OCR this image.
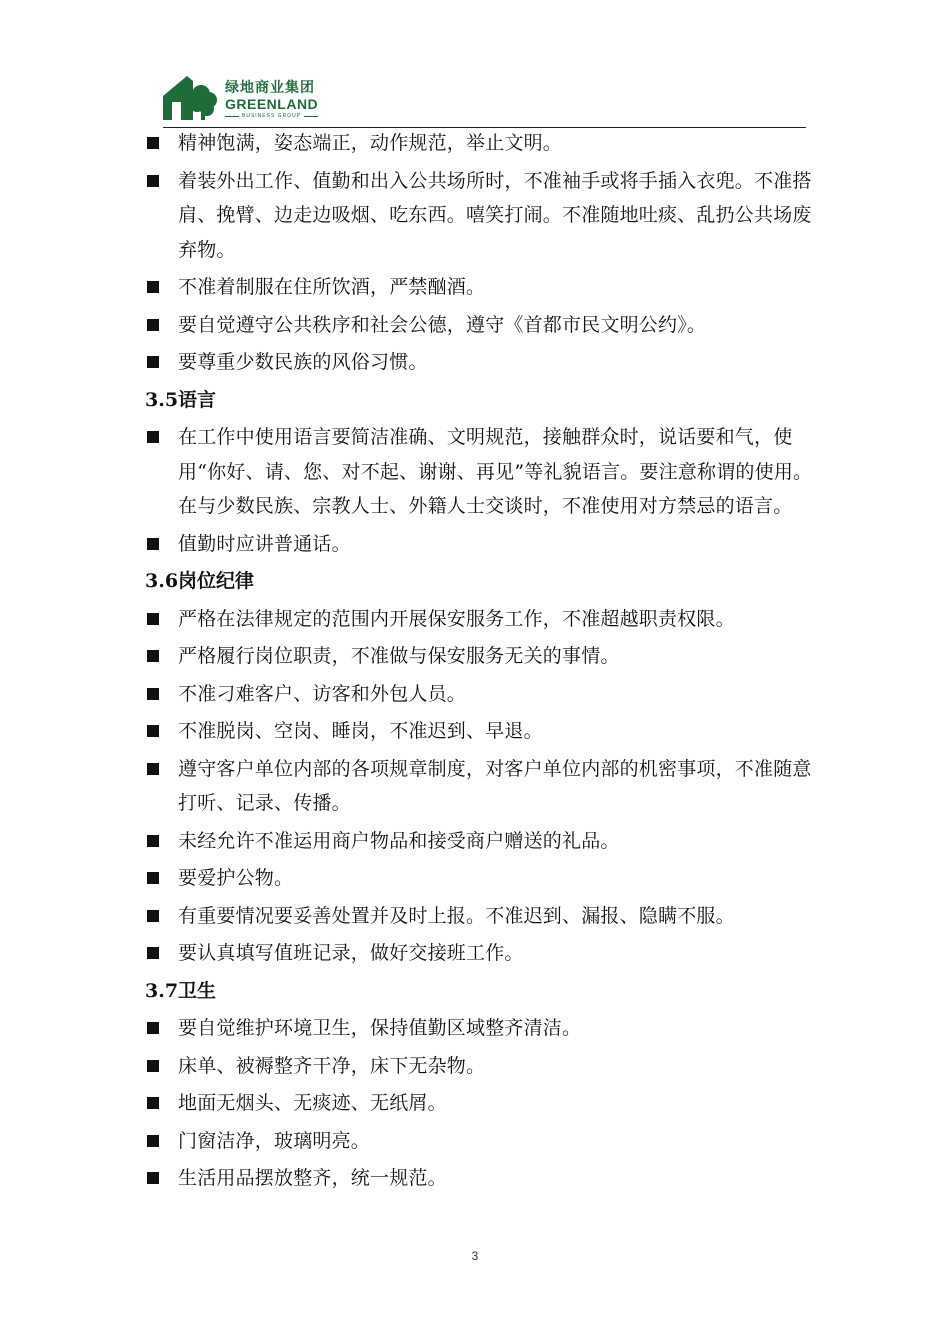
绿地商业集团
GREENLAND
BUSINESS GROUP
精神饱满，姿态端正，动作规范，举止文明。
着装外出工作、值勤和出入公共场所时，不准袖手或将手插入衣兜。不准搭肩、挽臂、边走边吸烟、吃东西。嘻笑打闹。不准随地吐痰、乱扔公共场废弃物。
不准着制服在住所饮酒，严禁酗酒。
要自觉遵守公共秩序和社会公德，遵守《首都市民文明公约》。
要尊重少数民族的风俗习惯。
3.5语言
在工作中使用语言要简洁准确、文明规范，接触群众时，说话要和气，使用“你好、请、您、对不起、谢谢、再见”等礼貌语言。要注意称谓的使用。在与少数民族、宗教人士、外籍人士交谈时，不准使用对方禁忌的语言。
值勤时应讲普通话。
3.6岗位纪律
严格在法律规定的范围内开展保安服务工作，不准超越职责权限。
严格履行岗位职责，不准做与保安服务无关的事情。
不准刁难客户、访客和外包人员。
不准脱岗、空岗、睡岗，不准迟到、早退。
遵守客户单位内部的各项规章制度，对客户单位内部的机密事项，不准随意打听、记录、传播。
未经允许不准运用商户物品和接受商户赠送的礼品。
要爱护公物。
有重要情况要妥善处置并及时上报。不准迟到、漏报、隐瞒不服。
要认真填写值班记录，做好交接班工作。
3.7卫生
要自觉维护环境卫生，保持值勤区域整齐清洁。
床单、被褥整齐干净，床下无杂物。
地面无烟头、无痰迹、无纸屑。
门窗洁净，玻璃明亮。
生活用品摆放整齐，统一规范。
3
